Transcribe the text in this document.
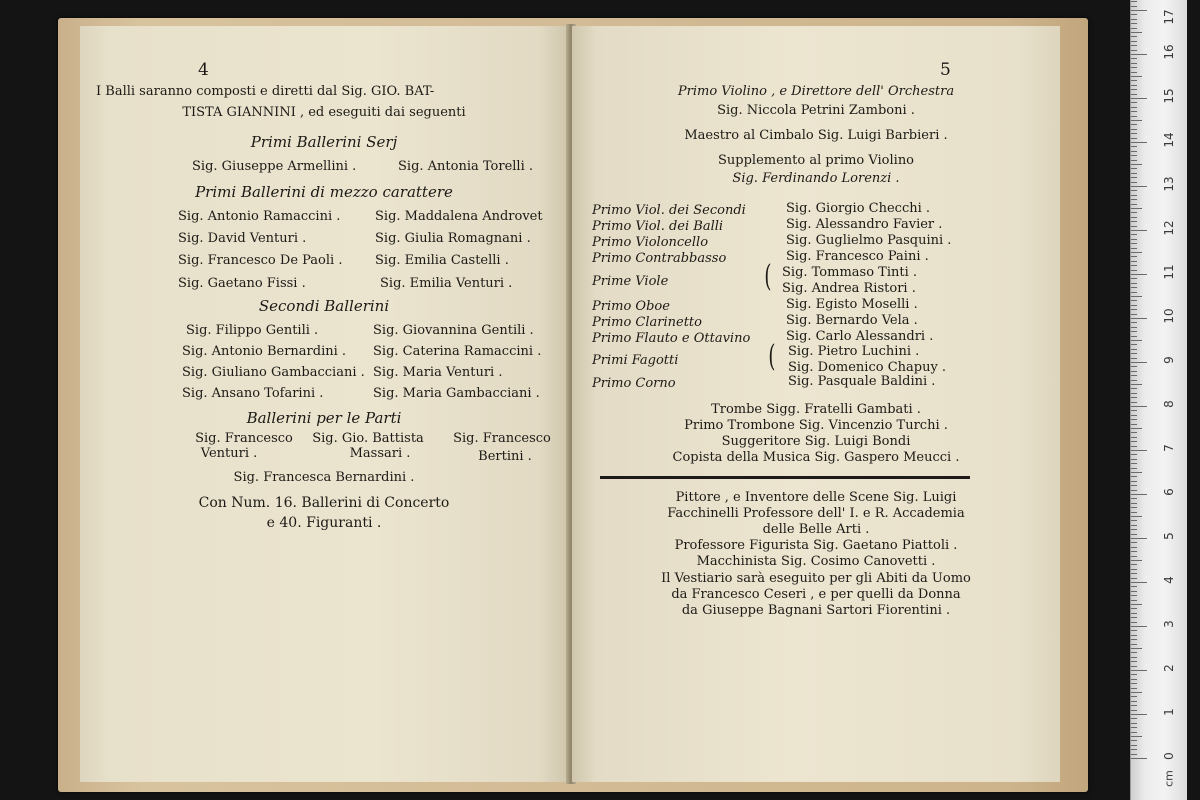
4
I Balli saranno composti e diretti dal Sig. GIO. BAT-
TISTA GIANNINI , ed eseguiti dai seguenti
Primi Ballerini Serj
Sig. Giuseppe Armellini .	Sig. Antonia Torelli .
Primi Ballerini di mezzo carattere
Sig. Antonio Ramaccini .	Sig. Maddalena Androvet
Sig. David Venturi .	Sig. Giulia Romagnani .
Sig. Francesco De Paoli .	Sig. Emilia Castelli .
Sig. Gaetano Fissi .	Sig. Emilia Venturi .
Secondi Ballerini
Sig. Filippo Gentili .	Sig. Giovannina Gentili .
Sig. Antonio Bernardini . Sig. Caterina Ramaccini .
Sig. Giuliano Gambacciani . Sig. Maria Venturi .
Sig. Ansano Tofarini .	Sig. Maria Gambacciani .
Ballerini per le Parti
Sig. Francesco
Venturi .
Sig. Gio. Battista
Massari .
Sig. Francesco
Bertini .
Sig. Francesca Bernardini .
Con Num. 16. Ballerini di Concerto
e 40. Figuranti .
5
Primo Violino , e Direttore dell' Orchestra
Sig. Niccola Petrini Zamboni .
Maestro al Cimbalo Sig. Luigi Barbieri .
Supplemento al primo Violino
Sig. Ferdinando Lorenzi .
Primo Viol. dei Secondi	Sig. Giorgio Checchi .
Primo Viol. dei Balli	Sig. Alessandro Favier .
Primo Violoncello	Sig. Guglielmo Pasquini .
Primo Contrabbasso	Sig. Francesco Paini .
Prime Viole	( Sig. Tommaso Tinti .
Sig. Andrea Ristori .
Primo Oboe	Sig. Egisto Moselli .
Primo Clarinetto	Sig. Bernardo Vela .
Primo Flauto e Ottavino	Sig. Carlo Alessandri .
Primi Fagotti	( Sig. Pietro Luchini .
Sig. Domenico Chapuy .
Primo Corno	Sig. Pasquale Baldini .
Trombe Sigg. Fratelli Gambati .
Primo Trombone Sig. Vincenzio Turchi .
Suggeritore Sig. Luigi Bondi
Copista della Musica Sig. Gaspero Meucci .
Pittore , e Inventore delle Scene Sig. Luigi
Facchinelli Professore dell' I. e R. Accademia
delle Belle Arti .
Professore Figurista Sig. Gaetano Piattoli .
Macchinista Sig. Cosimo Canovetti .
Il Vestiario sarà eseguito per gli Abiti da Uomo
da Francesco Ceseri , e per quelli da Donna
da Giuseppe Bagnani Sartori Fiorentini .
17
16
15
14
13
12
11
10
9
8
7
6
5
4
3
2
1
0
cm
